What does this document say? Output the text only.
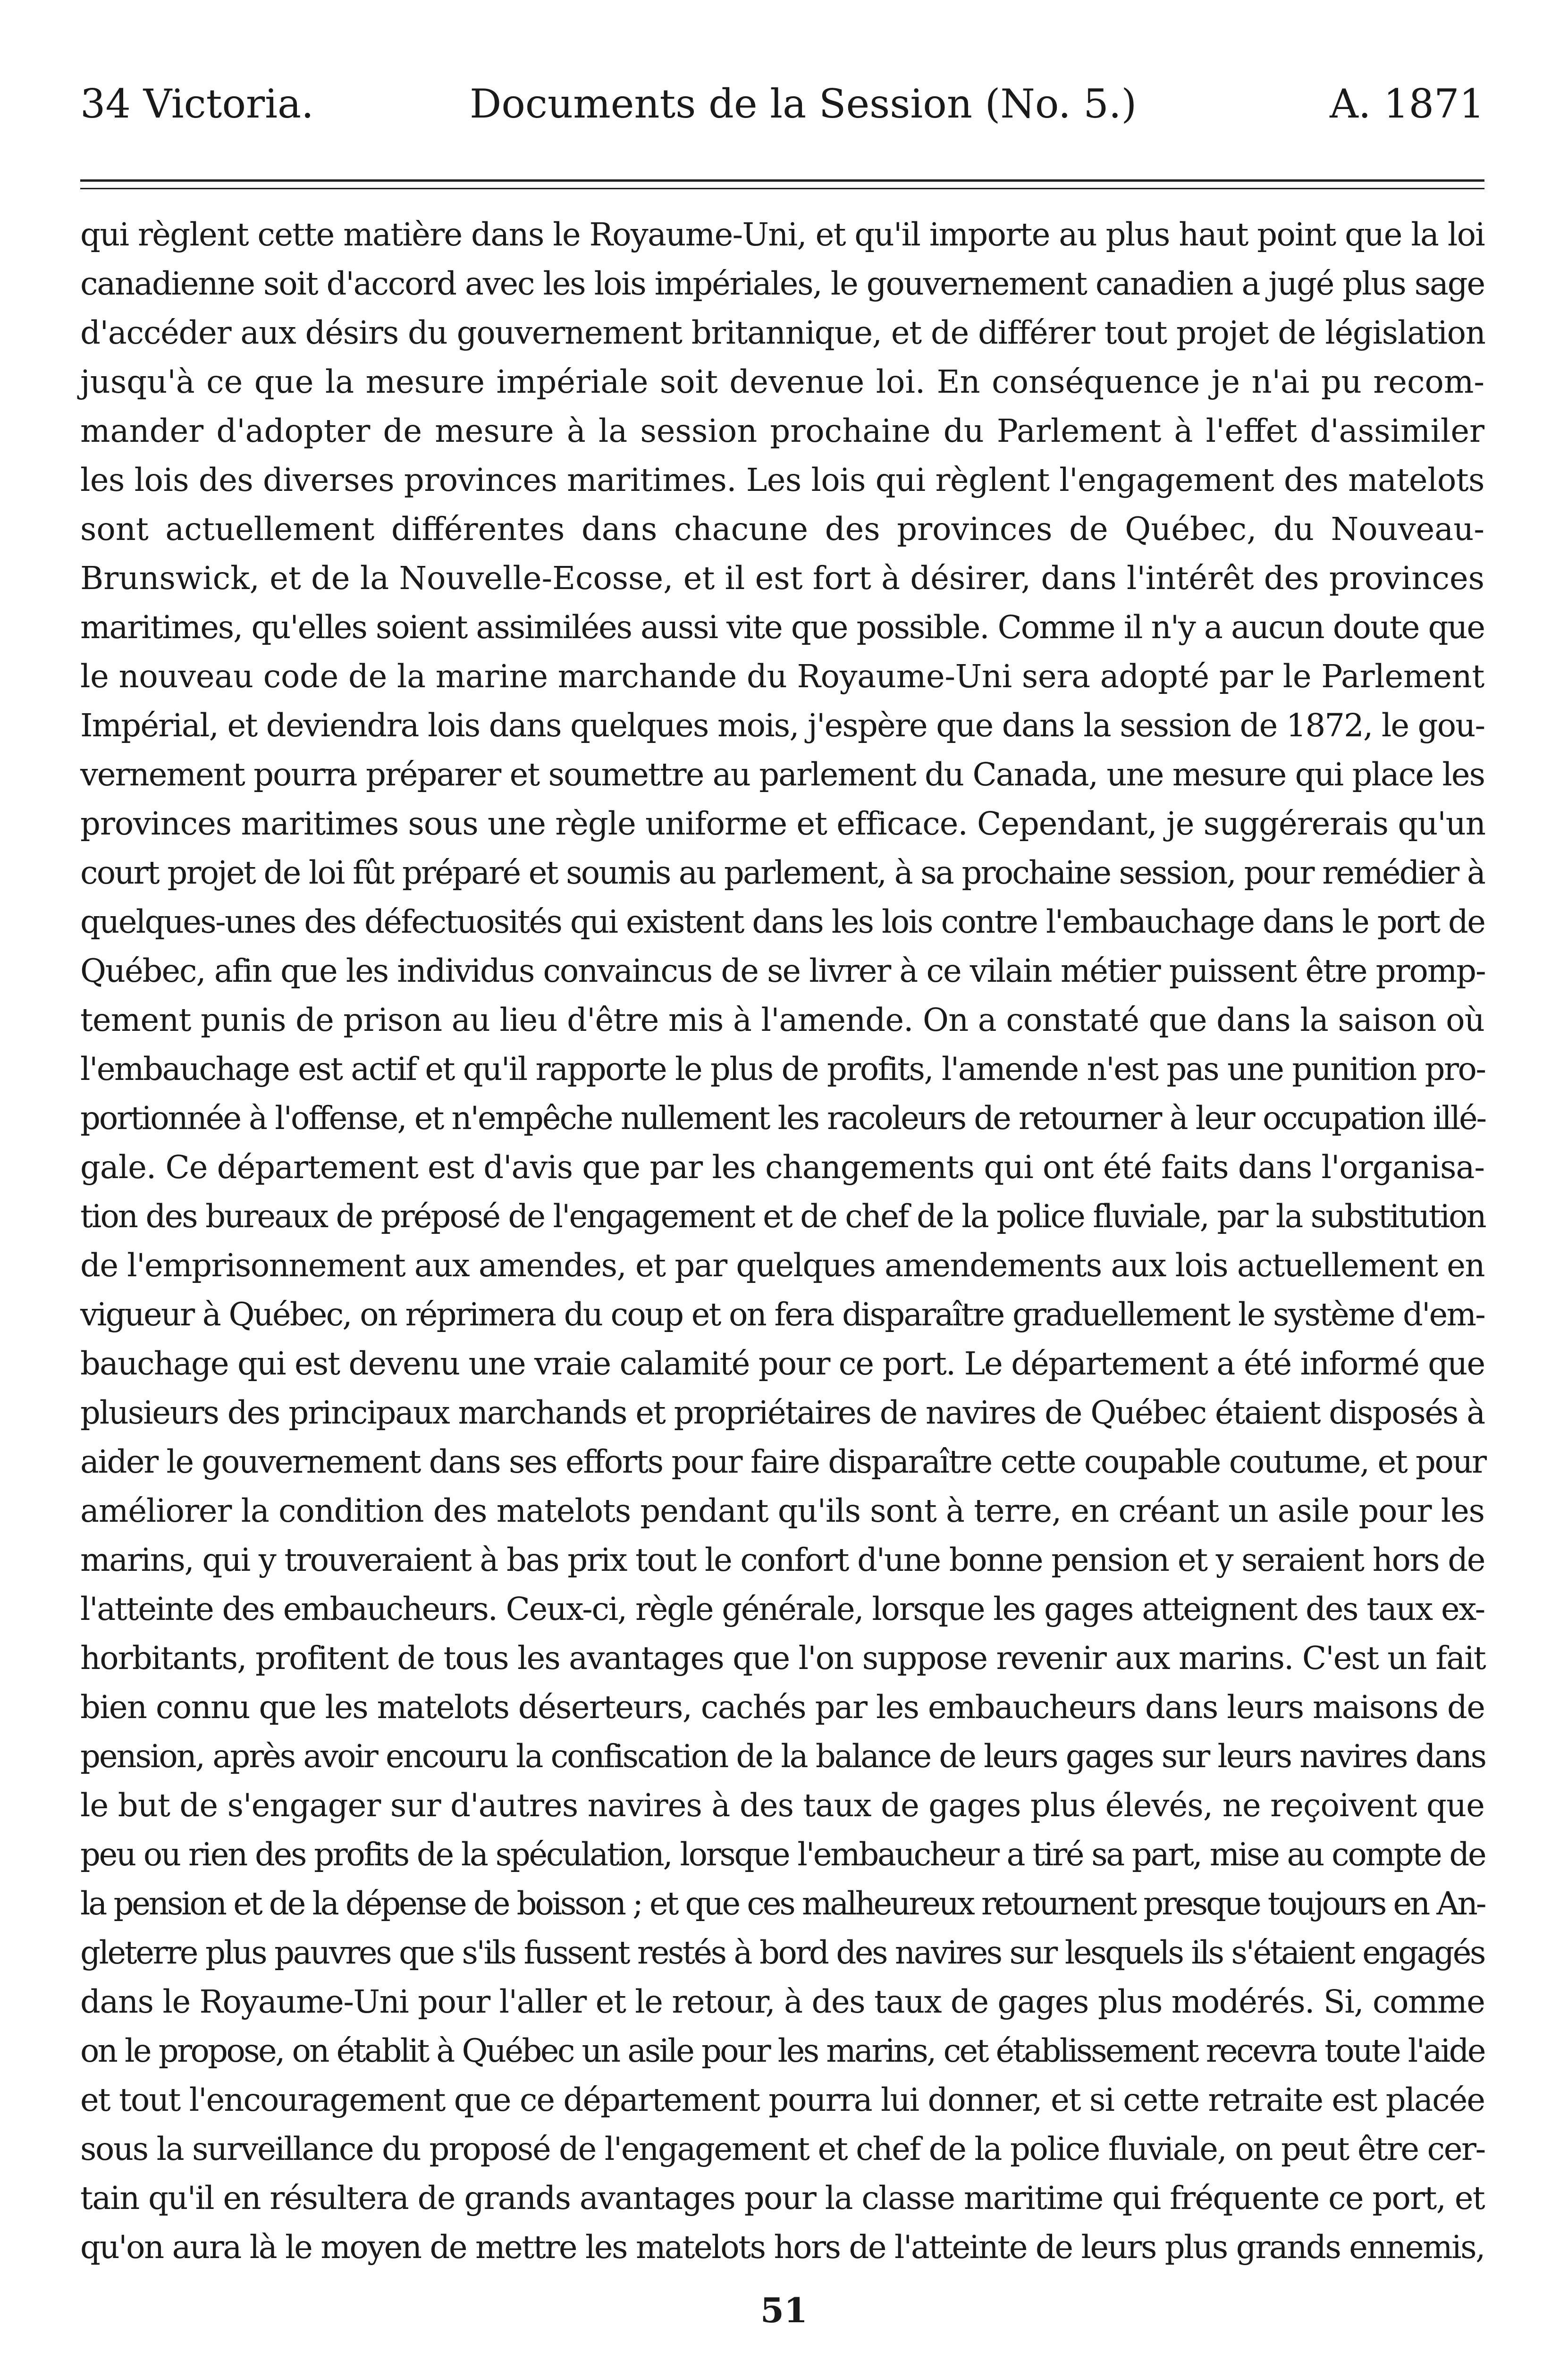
34 Victoria.	Documents de la Session (No. 5.)	A. 1871
qui règlent cette matière dans le Royaume-Uni, et qu'il importe au plus haut point que la loi
canadienne soit d'accord avec les lois impériales, le gouvernement canadien a jugé plus sage
d'accéder aux désirs du gouvernement britannique, et de différer tout projet de législation
jusqu'à ce que la mesure impériale soit devenue loi. En conséquence je n'ai pu recom-
mander d'adopter de mesure à la session prochaine du Parlement à l'effet d'assimiler
les lois des diverses provinces maritimes. Les lois qui règlent l'engagement des matelots
sont actuellement différentes dans chacune des provinces de Québec, du Nouveau-
Brunswick, et de la Nouvelle-Ecosse, et il est fort à désirer, dans l'intérêt des provinces
maritimes, qu'elles soient assimilées aussi vite que possible. Comme il n'y a aucun doute que
le nouveau code de la marine marchande du Royaume-Uni sera adopté par le Parlement
Impérial, et deviendra lois dans quelques mois, j'espère que dans la session de 1872, le gou-
vernement pourra préparer et soumettre au parlement du Canada, une mesure qui place les
provinces maritimes sous une règle uniforme et efficace. Cependant, je suggérerais qu'un
court projet de loi fût préparé et soumis au parlement, à sa prochaine session, pour remédier à
quelques-unes des défectuosités qui existent dans les lois contre l'embauchage dans le port de
Québec, afin que les individus convaincus de se livrer à ce vilain métier puissent être promp-
tement punis de prison au lieu d'être mis à l'amende. On a constaté que dans la saison où
l'embauchage est actif et qu'il rapporte le plus de profits, l'amende n'est pas une punition pro-
portionnée à l'offense, et n'empêche nullement les racoleurs de retourner à leur occupation illé-
gale. Ce département est d'avis que par les changements qui ont été faits dans l'organisa-
tion des bureaux de préposé de l'engagement et de chef de la police fluviale, par la substitution
de l'emprisonnement aux amendes, et par quelques amendements aux lois actuellement en
vigueur à Québec, on réprimera du coup et on fera disparaître graduellement le système d'em-
bauchage qui est devenu une vraie calamité pour ce port. Le département a été informé que
plusieurs des principaux marchands et propriétaires de navires de Québec étaient disposés à
aider le gouvernement dans ses efforts pour faire disparaître cette coupable coutume, et pour
améliorer la condition des matelots pendant qu'ils sont à terre, en créant un asile pour les
marins, qui y trouveraient à bas prix tout le confort d'une bonne pension et y seraient hors de
l'atteinte des embaucheurs. Ceux-ci, règle générale, lorsque les gages atteignent des taux ex-
horbitants, profitent de tous les avantages que l'on suppose revenir aux marins. C'est un fait
bien connu que les matelots déserteurs, cachés par les embaucheurs dans leurs maisons de
pension, après avoir encouru la confiscation de la balance de leurs gages sur leurs navires dans
le but de s'engager sur d'autres navires à des taux de gages plus élevés, ne reçoivent que
peu ou rien des profits de la spéculation, lorsque l'embaucheur a tiré sa part, mise au compte de
la pension et de la dépense de boisson ; et que ces malheureux retournent presque toujours en An-
gleterre plus pauvres que s'ils fussent restés à bord des navires sur lesquels ils s'étaient engagés
dans le Royaume-Uni pour l'aller et le retour, à des taux de gages plus modérés. Si, comme
on le propose, on établit à Québec un asile pour les marins, cet établissement recevra toute l'aide
et tout l'encouragement que ce département pourra lui donner, et si cette retraite est placée
sous la surveillance du proposé de l'engagement et chef de la police fluviale, on peut être cer-
tain qu'il en résultera de grands avantages pour la classe maritime qui fréquente ce port, et
qu'on aura là le moyen de mettre les matelots hors de l'atteinte de leurs plus grands ennemis,
51
